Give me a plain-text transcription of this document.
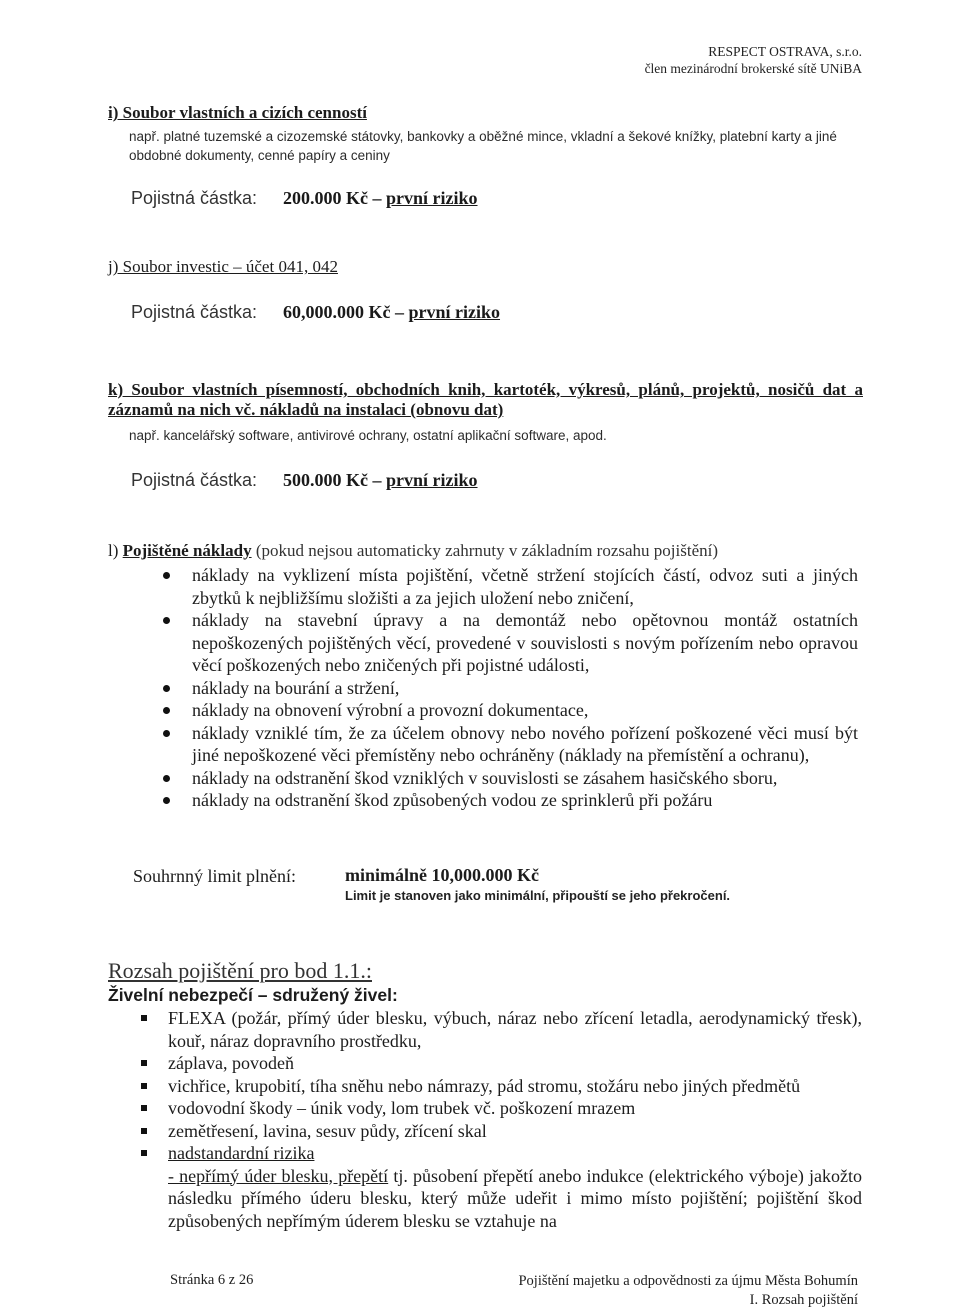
RESPECT OSTRAVA, s.r.o.
člen mezinárodní brokerské sítě UNiBA
i) Soubor vlastních a cizích cenností
např. platné tuzemské a cizozemské státovky, bankovky a oběžné mince, vkladní a šekové knížky, platební karty a jiné obdobné dokumenty, cenné papíry a ceniny
Pojistná částka: 200.000 Kč – první riziko
j) Soubor investic – účet 041, 042
Pojistná částka: 60,000.000 Kč – první riziko
k) Soubor vlastních písemností, obchodních knih, kartoték, výkresů, plánů, projektů, nosičů dat a záznamů na nich vč. nákladů na instalaci (obnovu dat)
např. kancelářský software, antivirové ochrany, ostatní aplikační software, apod.
Pojistná částka: 500.000 Kč – první riziko
l) Pojištěné náklady (pokud nejsou automaticky zahrnuty v základním rozsahu pojištění)
náklady na vyklizení místa pojištění, včetně stržení stojících částí, odvoz suti a jiných zbytků k nejbližšímu složišti a za jejich uložení nebo zničení,
náklady na stavební úpravy a na demontáž nebo opětovnou montáž ostatních nepoškozených pojištěných věcí, provedené v souvislosti s novým pořízením nebo opravou věcí poškozených nebo zničených při pojistné události,
náklady na bourání a stržení,
náklady na obnovení výrobní a provozní dokumentace,
náklady vzniklé tím, že za účelem obnovy nebo nového pořízení poškozené věci musí být jiné nepoškozené věci přemístěny nebo ochráněny (náklady na přemístění a ochranu),
náklady na odstranění škod vzniklých v souvislosti se zásahem hasičského sboru,
náklady na odstranění škod způsobených vodou ze sprinklerů při požáru
Souhrnný limit plnění:	minimálně 10,000.000 Kč
Limit je stanoven jako minimální, připouští se jeho překročení.
Rozsah pojištění pro bod 1.1.:
Živelní nebezpečí – sdružený živel:
FLEXA (požár, přímý úder blesku, výbuch, náraz nebo zřícení letadla, aerodynamický třesk), kouř, náraz dopravního prostředku,
záplava, povodeň
vichřice, krupobití, tíha sněhu nebo námrazy, pád stromu, stožáru nebo jiných předmětů
vodovodní škody – únik vody, lom trubek vč. poškození mrazem
zemětřesení, lavina, sesuv půdy, zřícení skal
nadstandardní rizika
- nepřímý úder blesku, přepětí tj. působení přepětí anebo indukce (elektrického výboje) jakožto následku přímého úderu blesku, který může udeřit i mimo místo pojištění; pojištění škod způsobených nepřímým úderem blesku se vztahuje na
Stránka 6 z 26	Pojištění majetku a odpovědnosti za újmu Města Bohumín
I. Rozsah pojištění
